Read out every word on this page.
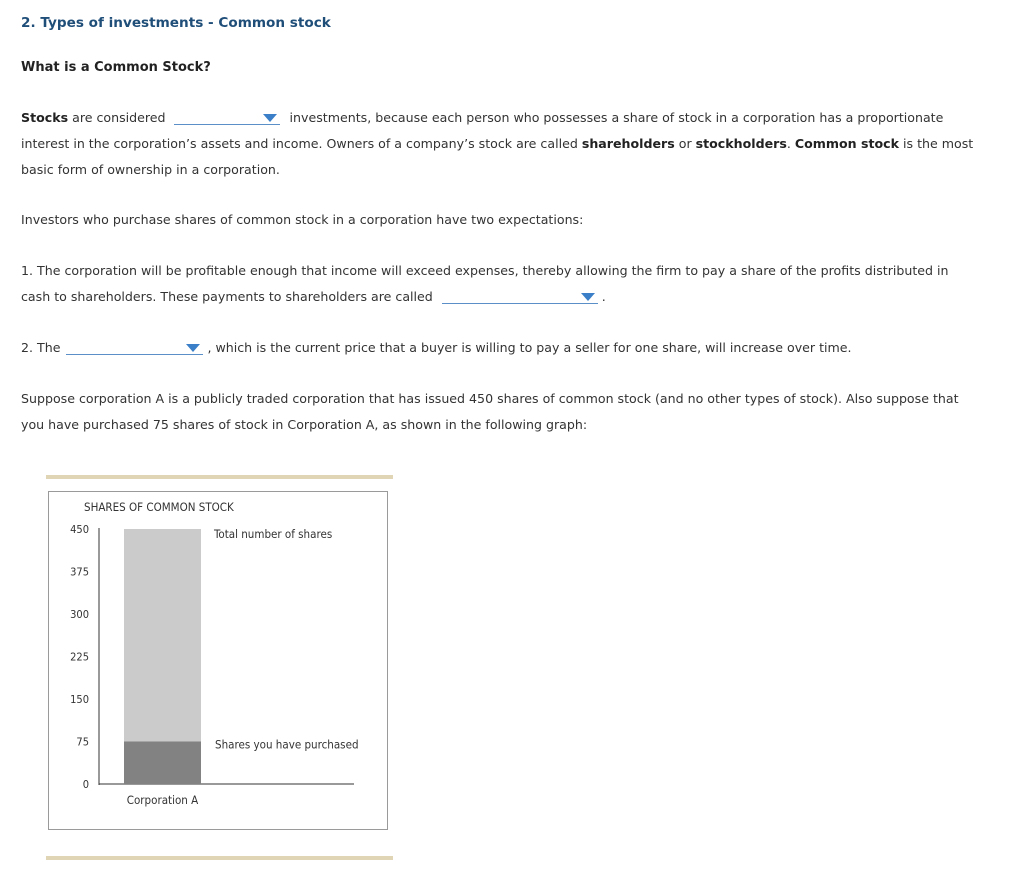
2. Types of investments - Common stock
What is a Common Stock?
Stocks are considered	investments, because each person who possesses a share of stock in a corporation has a proportionate
interest in the corporation’s assets and income. Owners of a company’s stock are called shareholders or stockholders. Common stock is the most
basic form of ownership in a corporation.
Investors who purchase shares of common stock in a corporation have two expectations:
1. The corporation will be profitable enough that income will exceed expenses, thereby allowing the firm to pay a share of the profits distributed in
cash to shareholders. These payments to shareholders are called	.
2. The	, which is the current price that a buyer is willing to pay a seller for one share, will increase over time.
Suppose corporation A is a publicly traded corporation that has issued 450 shares of common stock (and no other types of stock). Also suppose that
you have purchased 75 shares of stock in Corporation A, as shown in the following graph:
SHARES OF COMMON STOCK
0
75
150
225
300
375
450	Total number of shares
Shares you have purchased
Corporation A
